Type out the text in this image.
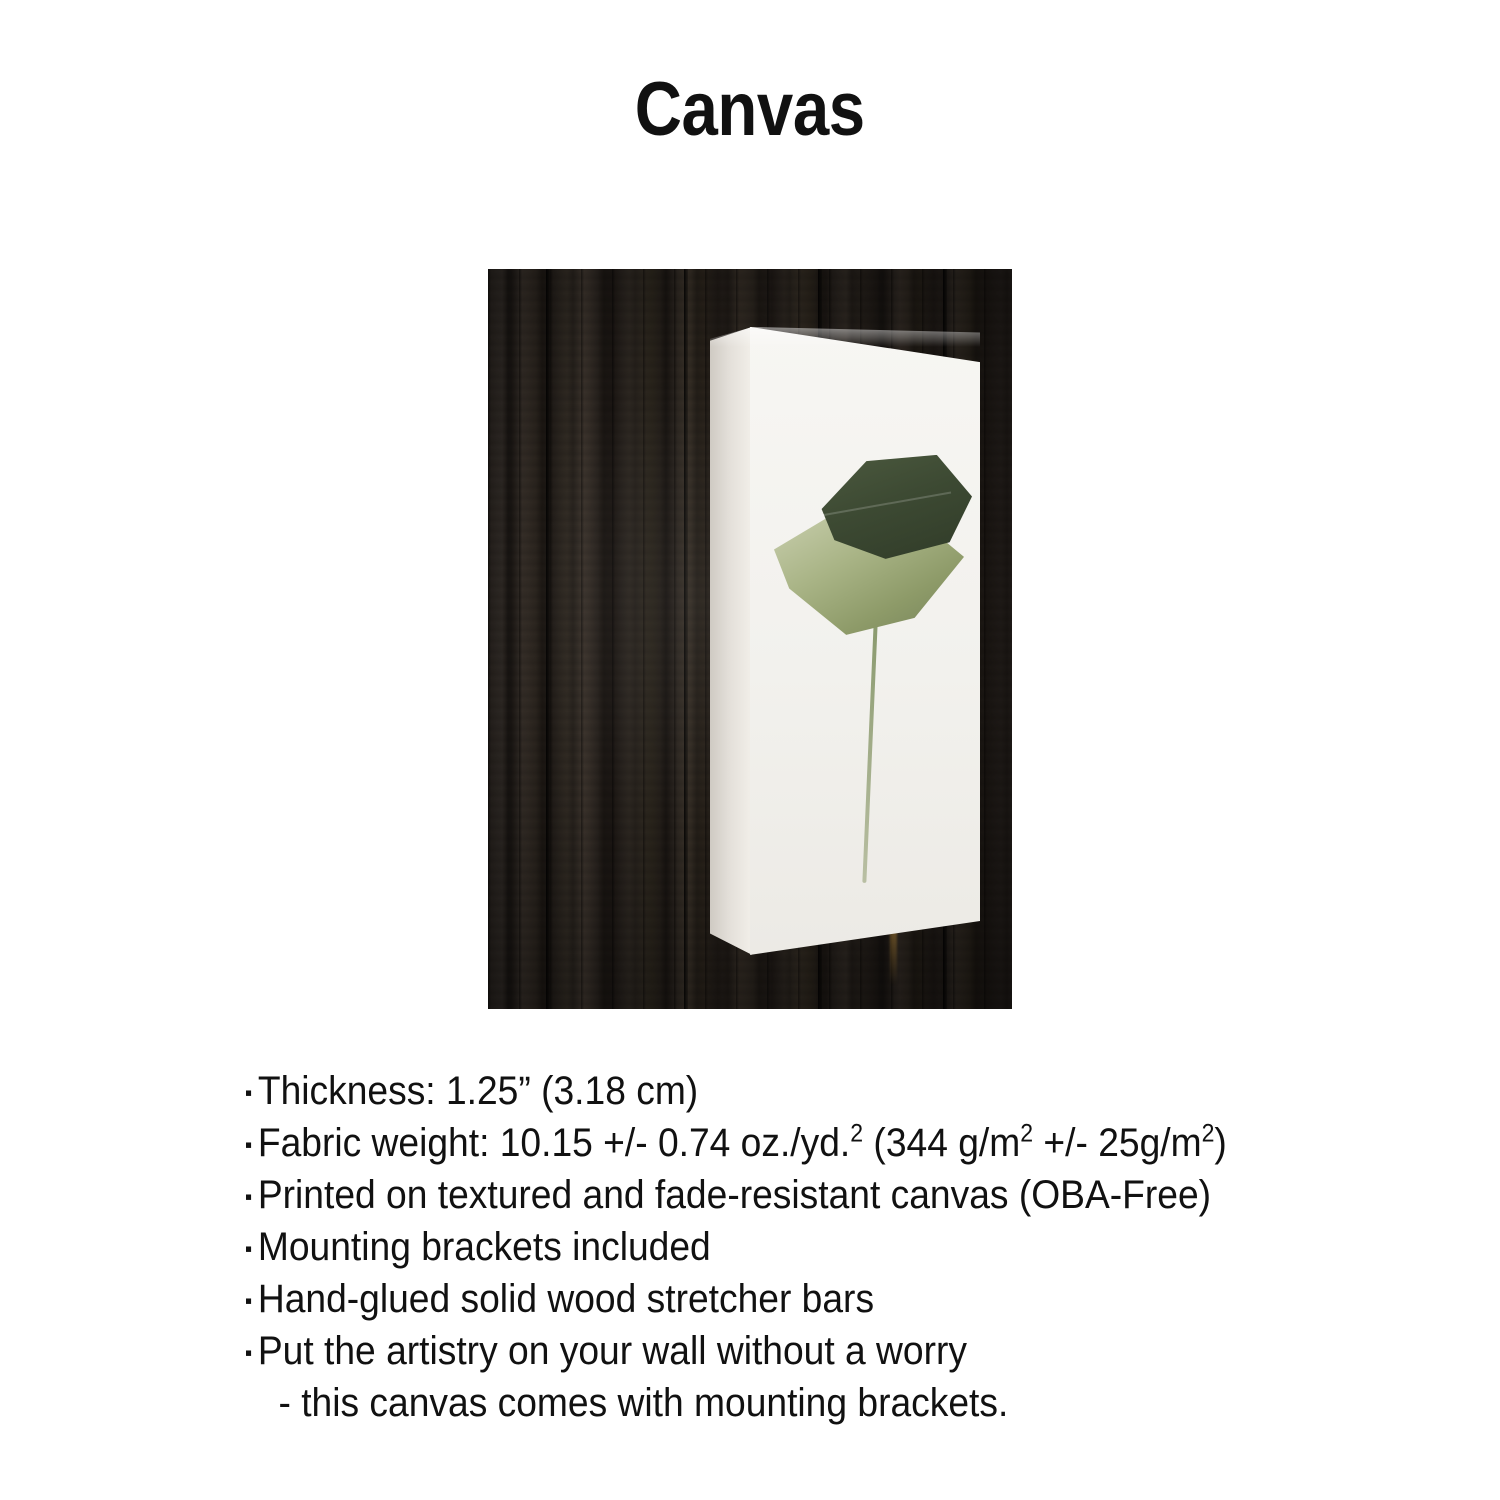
Canvas
▪ Thickness: 1.25” (3.18 cm)
▪ Fabric weight: 10.15 +/- 0.74 oz./yd.$^2$ (344 $g/m^2$ +/- $25g/m^2$)
▪ Printed on textured and fade-resistant canvas (OBA-Free)
▪ Mounting brackets included
▪ Hand-glued solid wood stretcher bars
▪ Put the artistry on your wall without a worry
- this canvas comes with mounting brackets.
